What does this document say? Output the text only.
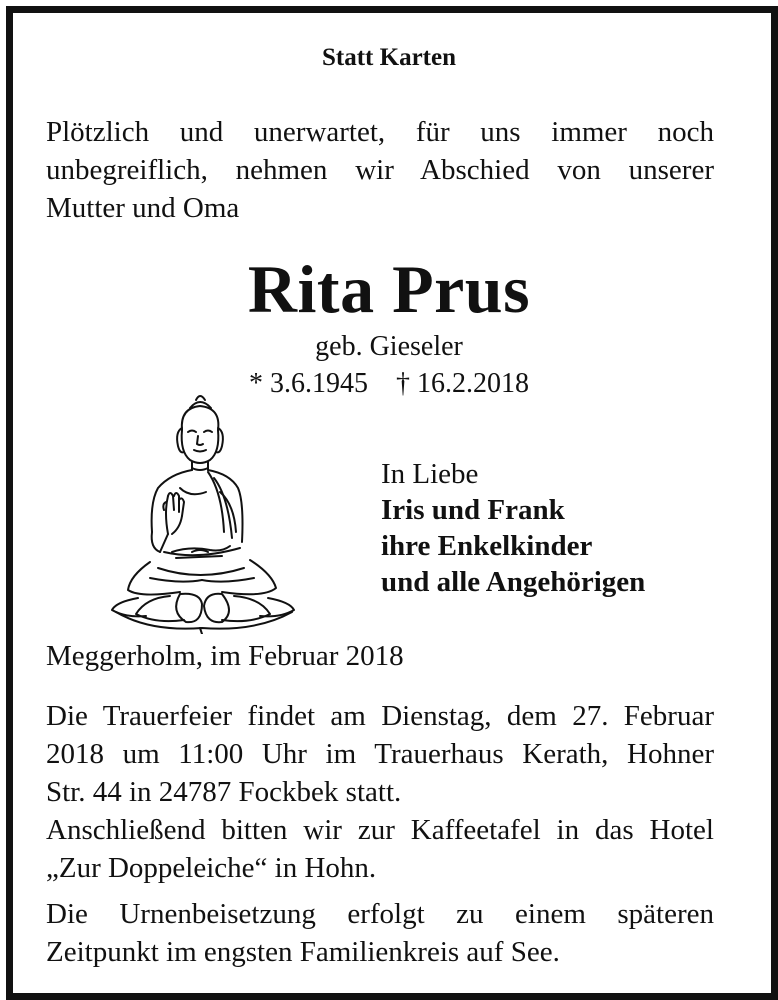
Statt Karten
Plötzlich und unerwartet, für uns immer noch
unbegreiflich, nehmen wir Abschied von unserer
Mutter und Oma
Rita Prus
geb. Gieseler
* 3.6.1945 † 16.2.2018
In Liebe
Iris und Frank
ihre Enkelkinder
und alle Angehörigen
Meggerholm, im Februar 2018
Die Trauerfeier findet am Dienstag, dem 27. Februar
2018 um 11:00 Uhr im Trauerhaus Kerath, Hohner
Str. 44 in 24787 Fockbek statt.
Anschließend bitten wir zur Kaffeetafel in das Hotel
„Zur Doppeleiche“ in Hohn.
Die Urnenbeisetzung erfolgt zu einem späteren
Zeitpunkt im engsten Familienkreis auf See.
